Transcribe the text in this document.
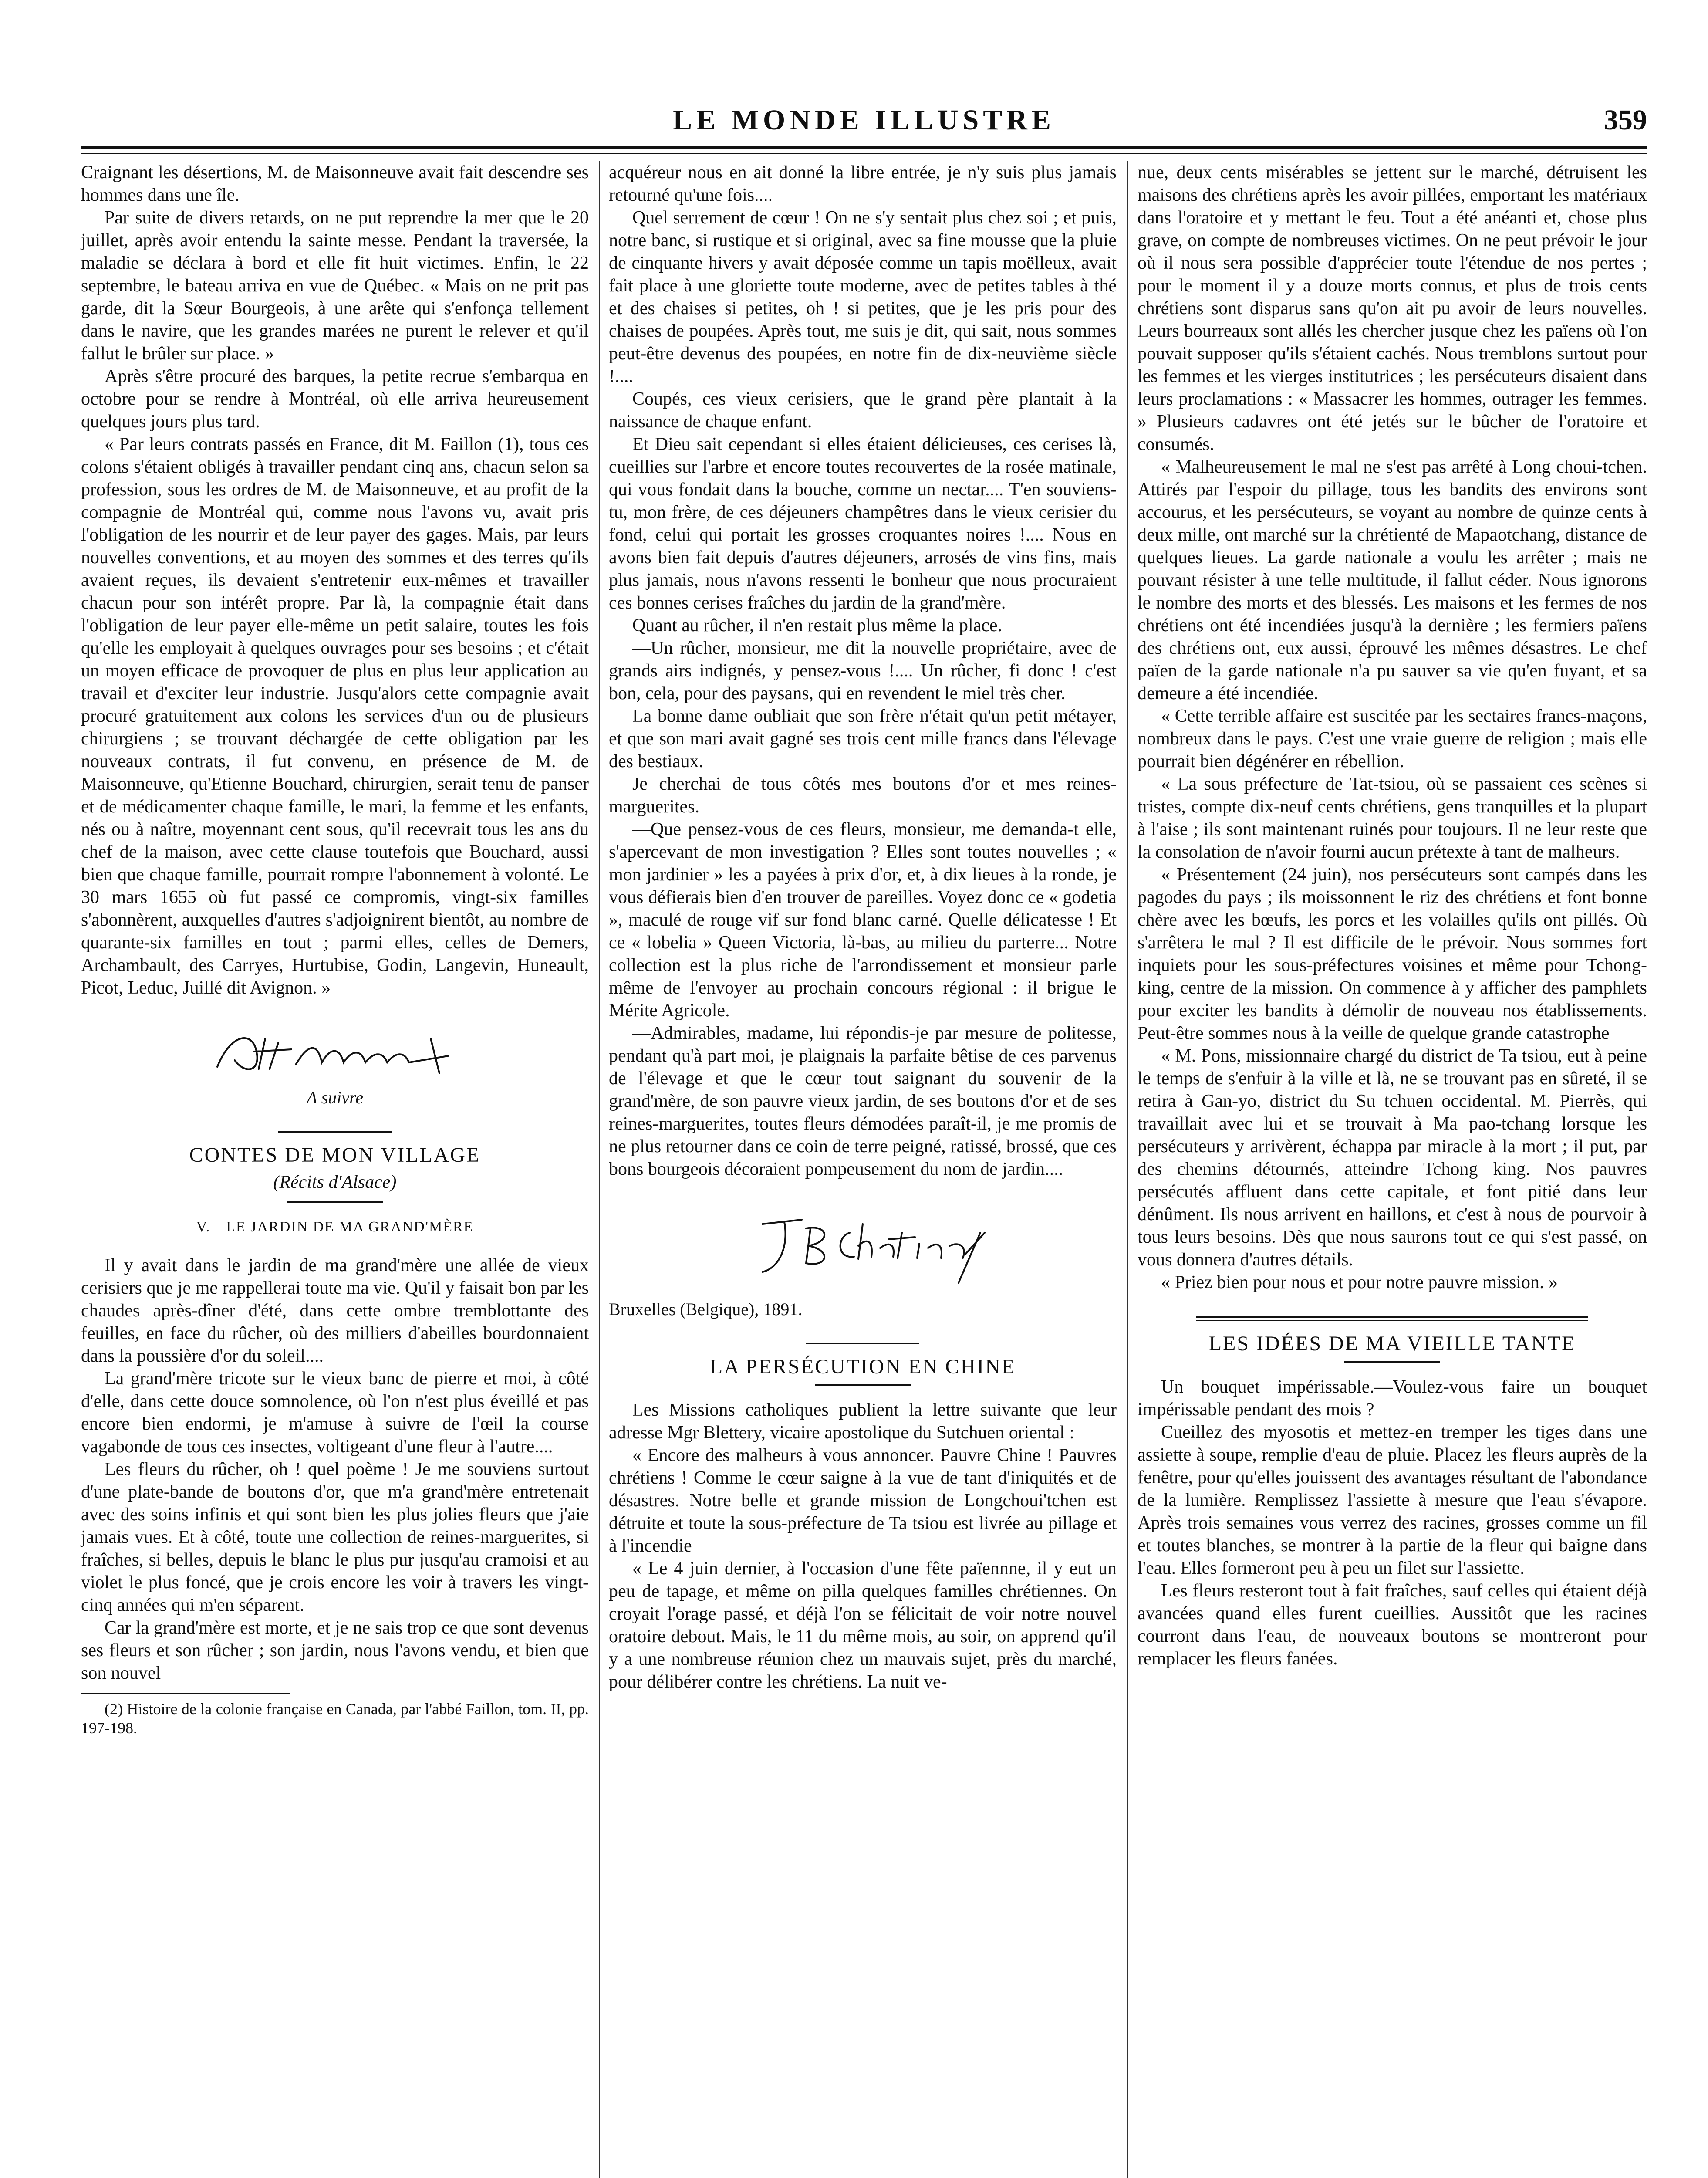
LE MONDE ILLUSTRE	359

Craignant les désertions, M. de Maisonneuve avait fait descendre ses hommes dans une île.

Par suite de divers retards, on ne put reprendre la mer que le 20 juillet, après avoir entendu la sainte messe. Pendant la traversée, la maladie se déclara à bord et elle fit huit victimes. Enfin, le 22 septembre, le bateau arriva en vue de Québec. « Mais on ne prit pas garde, dit la Sœur Bourgeois, à une arête qui s'enfonça tellement dans le navire, que les grandes marées ne purent le relever et qu'il fallut le brûler sur place. »

Après s'être procuré des barques, la petite recrue s'embarqua en octobre pour se rendre à Montréal, où elle arriva heureusement quelques jours plus tard.

« Par leurs contrats passés en France, dit M. Faillon (1), tous ces colons s'étaient obligés à travailler pendant cinq ans, chacun selon sa profession, sous les ordres de M. de Maisonneuve, et au profit de la compagnie de Montréal qui, comme nous l'avons vu, avait pris l'obligation de les nourrir et de leur payer des gages. Mais, par leurs nouvelles conventions, et au moyen des sommes et des terres qu'ils avaient reçues, ils devaient s'entretenir eux-mêmes et travailler chacun pour son intérêt propre. Par là, la compagnie était dans l'obligation de leur payer elle-même un petit salaire, toutes les fois qu'elle les employait à quelques ouvrages pour ses besoins ; et c'était un moyen efficace de provoquer de plus en plus leur application au travail et d'exciter leur industrie. Jusqu'alors cette compagnie avait procuré gratuitement aux colons les services d'un ou de plusieurs chirurgiens ; se trouvant déchargée de cette obligation par les nouveaux contrats, il fut convenu, en présence de M. de Maisonneuve, qu'Etienne Bouchard, chirurgien, serait tenu de panser et de médicamenter chaque famille, le mari, la femme et les enfants, nés ou à naître, moyennant cent sous, qu'il recevrait tous les ans du chef de la maison, avec cette clause toutefois que Bouchard, aussi bien que chaque famille, pourrait rompre l'abonnement à volonté. Le 30 mars 1655 où fut passé ce compromis, vingt-six familles s'abonnèrent, auxquelles d'autres s'adjoignirent bientôt, au nombre de quarante-six familles en tout ; parmi elles, celles de Demers, Archambault, des Carryes, Hurtubise, Godin, Langevin, Huneault, Picot, Leduc, Juillé dit Avignon. »

A suivre
CONTES DE MON VILLAGE
(Récits d'Alsace)
V.—LE JARDIN DE MA GRAND'MÈRE

Il y avait dans le jardin de ma grand'mère une allée de vieux cerisiers que je me rappellerai toute ma vie. Qu'il y faisait bon par les chaudes après-dîner d'été, dans cette ombre tremblottante des feuilles, en face du rûcher, où des milliers d'abeilles bourdonnaient dans la poussière d'or du soleil....

La grand'mère tricote sur le vieux banc de pierre et moi, à côté d'elle, dans cette douce somnolence, où l'on n'est plus éveillé et pas encore bien endormi, je m'amuse à suivre de l'œil la course vagabonde de tous ces insectes, voltigeant d'une fleur à l'autre....

Les fleurs du rûcher, oh ! quel poème ! Je me souviens surtout d'une plate-bande de boutons d'or, que m'a grand'mère entretenait avec des soins infinis et qui sont bien les plus jolies fleurs que j'aie jamais vues. Et à côté, toute une collection de reines-marguerites, si fraîches, si belles, depuis le blanc le plus pur jusqu'au cramoisi et au violet le plus foncé, que je crois encore les voir à travers les vingt-cinq années qui m'en séparent.

Car la grand'mère est morte, et je ne sais trop ce que sont devenus ses fleurs et son rûcher ; son jardin, nous l'avons vendu, et bien que son nouvel

(2) Histoire de la colonie française en Canada, par l'abbé Faillon, tom. II, pp. 197-198.

acquéreur nous en ait donné la libre entrée, je n'y suis plus jamais retourné qu'une fois....

Quel serrement de cœur ! On ne s'y sentait plus chez soi ; et puis, notre banc, si rustique et si original, avec sa fine mousse que la pluie de cinquante hivers y avait déposée comme un tapis moëlleux, avait fait place à une gloriette toute moderne, avec de petites tables à thé et des chaises si petites, oh ! si petites, que je les pris pour des chaises de poupées. Après tout, me suis je dit, qui sait, nous sommes peut-être devenus des poupées, en notre fin de dix-neuvième siècle !....

Coupés, ces vieux cerisiers, que le grand père plantait à la naissance de chaque enfant.

Et Dieu sait cependant si elles étaient délicieuses, ces cerises là, cueillies sur l'arbre et encore toutes recouvertes de la rosée matinale, qui vous fondait dans la bouche, comme un nectar.... T'en souviens-tu, mon frère, de ces déjeuners champêtres dans le vieux cerisier du fond, celui qui portait les grosses croquantes noires !.... Nous en avons bien fait depuis d'autres déjeuners, arrosés de vins fins, mais plus jamais, nous n'avons ressenti le bonheur que nous procuraient ces bonnes cerises fraîches du jardin de la grand'mère.

Quant au rûcher, il n'en restait plus même la place.

—Un rûcher, monsieur, me dit la nouvelle propriétaire, avec de grands airs indignés, y pensez-vous !.... Un rûcher, fi donc ! c'est bon, cela, pour des paysans, qui en revendent le miel très cher.

La bonne dame oubliait que son frère n'était qu'un petit métayer, et que son mari avait gagné ses trois cent mille francs dans l'élevage des bestiaux.

Je cherchai de tous côtés mes boutons d'or et mes reines-marguerites.

—Que pensez-vous de ces fleurs, monsieur, me demanda-t elle, s'apercevant de mon investigation ? Elles sont toutes nouvelles ; « mon jardinier » les a payées à prix d'or, et, à dix lieues à la ronde, je vous défierais bien d'en trouver de pareilles. Voyez donc ce « godetia », maculé de rouge vif sur fond blanc carné. Quelle délicatesse ! Et ce « lobelia » Queen Victoria, là-bas, au milieu du parterre... Notre collection est la plus riche de l'arrondissement et monsieur parle même de l'envoyer au prochain concours régional : il brigue le Mérite Agricole.

—Admirables, madame, lui répondis-je par mesure de politesse, pendant qu'à part moi, je plaignais la parfaite bêtise de ces parvenus de l'élevage et que le cœur tout saignant du souvenir de la grand'mère, de son pauvre vieux jardin, de ses boutons d'or et de ses reines-marguerites, toutes fleurs démodées paraît-il, je me promis de ne plus retourner dans ce coin de terre peigné, ratissé, brossé, que ces bons bourgeois décoraient pompeusement du nom de jardin....

Bruxelles (Belgique), 1891.

LA PERSÉCUTION EN CHINE

Les Missions catholiques publient la lettre suivante que leur adresse Mgr Blettery, vicaire apostolique du Sutchuen oriental :

« Encore des malheurs à vous annoncer. Pauvre Chine ! Pauvres chrétiens ! Comme le cœur saigne à la vue de tant d'iniquités et de désastres. Notre belle et grande mission de Longchoui'tchen est détruite et toute la sous-préfecture de Ta tsiou est livrée au pillage et à l'incendie

« Le 4 juin dernier, à l'occasion d'une fête païennne, il y eut un peu de tapage, et même on pilla quelques familles chrétiennes. On croyait l'orage passé, et déjà l'on se félicitait de voir notre nouvel oratoire debout. Mais, le 11 du même mois, au soir, on apprend qu'il y a une nombreuse réunion chez un mauvais sujet, près du marché, pour délibérer contre les chrétiens. La nuit ve-

nue, deux cents misérables se jettent sur le marché, détruisent les maisons des chrétiens après les avoir pillées, emportant les matériaux dans l'oratoire et y mettant le feu. Tout a été anéanti et, chose plus grave, on compte de nombreuses victimes. On ne peut prévoir le jour où il nous sera possible d'apprécier toute l'étendue de nos pertes ; pour le moment il y a douze morts connus, et plus de trois cents chrétiens sont disparus sans qu'on ait pu avoir de leurs nouvelles. Leurs bourreaux sont allés les chercher jusque chez les païens où l'on pouvait supposer qu'ils s'étaient cachés. Nous tremblons surtout pour les femmes et les vierges institutrices ; les persécuteurs disaient dans leurs proclamations : « Massacrer les hommes, outrager les femmes. » Plusieurs cadavres ont été jetés sur le bûcher de l'oratoire et consumés.

« Malheureusement le mal ne s'est pas arrêté à Long choui-tchen. Attirés par l'espoir du pillage, tous les bandits des environs sont accourus, et les persécuteurs, se voyant au nombre de quinze cents à deux mille, ont marché sur la chrétienté de Mapaotchang, distance de quelques lieues. La garde nationale a voulu les arrêter ; mais ne pouvant résister à une telle multitude, il fallut céder. Nous ignorons le nombre des morts et des blessés. Les maisons et les fermes de nos chrétiens ont été incendiées jusqu'à la dernière ; les fermiers païens des chrétiens ont, eux aussi, éprouvé les mêmes désastres. Le chef païen de la garde nationale n'a pu sauver sa vie qu'en fuyant, et sa demeure a été incendiée.

« Cette terrible affaire est suscitée par les sectaires francs-maçons, nombreux dans le pays. C'est une vraie guerre de religion ; mais elle pourrait bien dégénérer en rébellion.

« La sous préfecture de Tat-tsiou, où se passaient ces scènes si tristes, compte dix-neuf cents chrétiens, gens tranquilles et la plupart à l'aise ; ils sont maintenant ruinés pour toujours. Il ne leur reste que la consolation de n'avoir fourni aucun prétexte à tant de malheurs.

« Présentement (24 juin), nos persécuteurs sont campés dans les pagodes du pays ; ils moissonnent le riz des chrétiens et font bonne chère avec les bœufs, les porcs et les volailles qu'ils ont pillés. Où s'arrêtera le mal ? Il est difficile de le prévoir. Nous sommes fort inquiets pour les sous-préfectures voisines et même pour Tchong-king, centre de la mission. On commence à y afficher des pamphlets pour exciter les bandits à démolir de nouveau nos établissements. Peut-être sommes nous à la veille de quelque grande catastrophe

« M. Pons, missionnaire chargé du district de Ta tsiou, eut à peine le temps de s'enfuir à la ville et là, ne se trouvant pas en sûreté, il se retira à Gan-yo, district du Su tchuen occidental. M. Pierrès, qui travaillait avec lui et se trouvait à Ma pao-tchang lorsque les persécuteurs y arrivèrent, échappa par miracle à la mort ; il put, par des chemins détournés, atteindre Tchong king. Nos pauvres persécutés affluent dans cette capitale, et font pitié dans leur dénûment. Ils nous arrivent en haillons, et c'est à nous de pourvoir à tous leurs besoins. Dès que nous saurons tout ce qui s'est passé, on vous donnera d'autres détails.

« Priez bien pour nous et pour notre pauvre mission. »

LES IDÉES DE MA VIEILLE TANTE

Un bouquet impérissable.—Voulez-vous faire un bouquet impérissable pendant des mois ?

Cueillez des myosotis et mettez-en tremper les tiges dans une assiette à soupe, remplie d'eau de pluie. Placez les fleurs auprès de la fenêtre, pour qu'elles jouissent des avantages résultant de l'abondance de la lumière. Remplissez l'assiette à mesure que l'eau s'évapore. Après trois semaines vous verrez des racines, grosses comme un fil et toutes blanches, se montrer à la partie de la fleur qui baigne dans l'eau. Elles formeront peu à peu un filet sur l'assiette.

Les fleurs resteront tout à fait fraîches, sauf celles qui étaient déjà avancées quand elles furent cueillies. Aussitôt que les racines courront dans l'eau, de nouveaux boutons se montreront pour remplacer les fleurs fanées.
